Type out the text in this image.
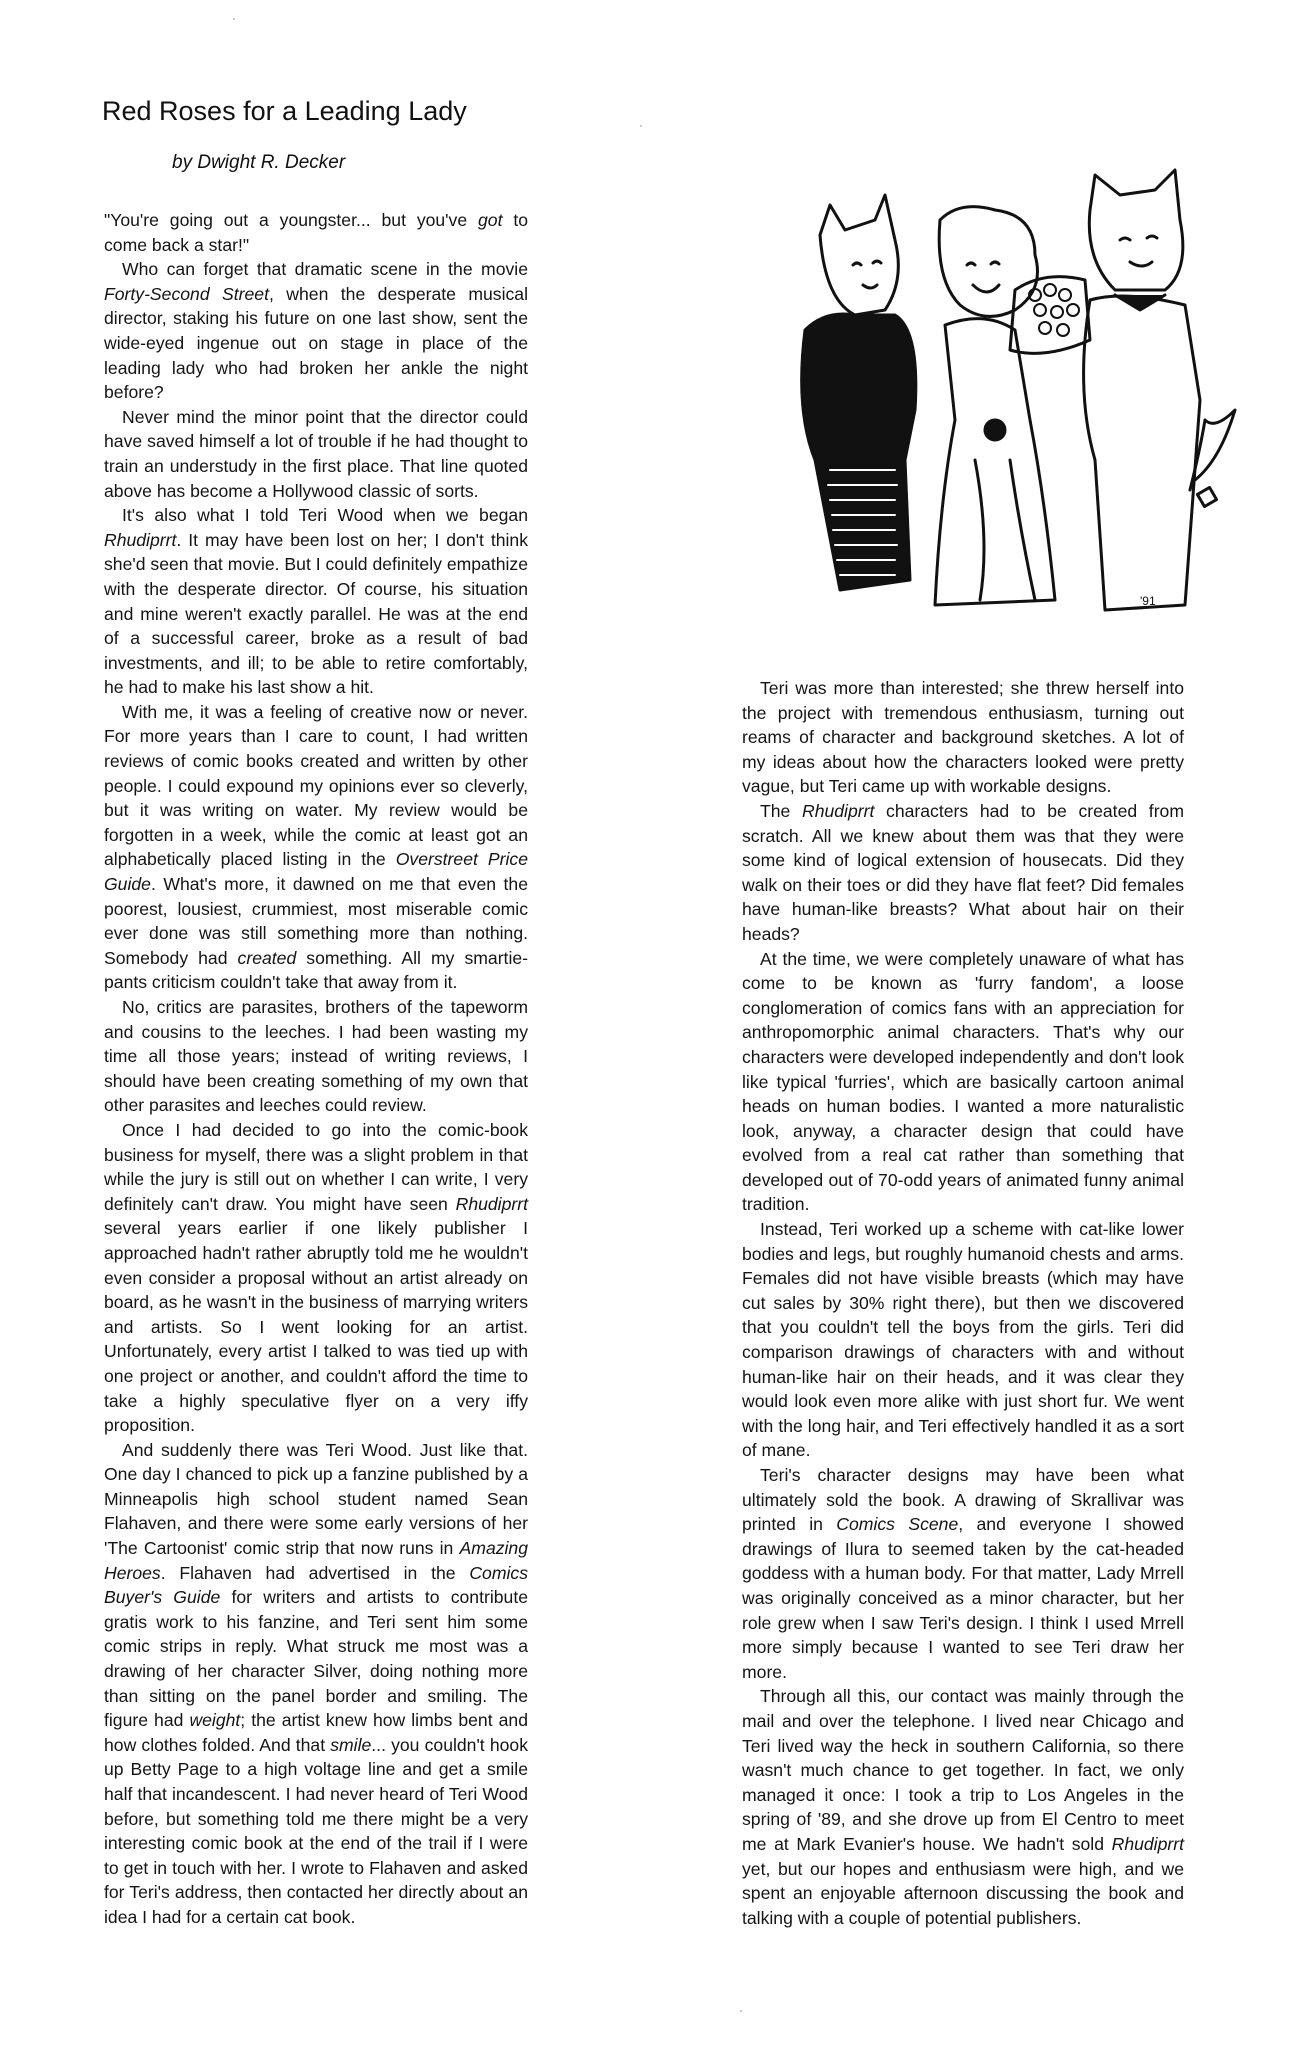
Red Roses for a Leading Lady
by Dwight R. Decker

"You're going out a youngster... but you've got to come back a star!"

Who can forget that dramatic scene in the movie Forty-Second Street, when the desperate musical director, staking his future on one last show, sent the wide-eyed ingenue out on stage in place of the leading lady who had broken her ankle the night before?

Never mind the minor point that the director could have saved himself a lot of trouble if he had thought to train an understudy in the first place. That line quoted above has become a Hollywood classic of sorts.

It's also what I told Teri Wood when we began Rhudiprrt. It may have been lost on her; I don't think she'd seen that movie. But I could definitely empathize with the desperate director. Of course, his situation and mine weren't exactly parallel. He was at the end of a successful career, broke as a result of bad investments, and ill; to be able to retire comfortably, he had to make his last show a hit.

With me, it was a feeling of creative now or never. For more years than I care to count, I had written reviews of comic books created and written by other people. I could expound my opinions ever so cleverly, but it was writing on water. My review would be forgotten in a week, while the comic at least got an alphabetically placed listing in the Overstreet Price Guide. What's more, it dawned on me that even the poorest, lousiest, crummiest, most miserable comic ever done was still something more than nothing. Somebody had created something. All my smartie-pants criticism couldn't take that away from it.

No, critics are parasites, brothers of the tapeworm and cousins to the leeches. I had been wasting my time all those years; instead of writing reviews, I should have been creating something of my own that other parasites and leeches could review.

Once I had decided to go into the comic-book business for myself, there was a slight problem in that while the jury is still out on whether I can write, I very definitely can't draw. You might have seen Rhudiprrt several years earlier if one likely publisher I approached hadn't rather abruptly told me he wouldn't even consider a proposal without an artist already on board, as he wasn't in the business of marrying writers and artists. So I went looking for an artist. Unfortunately, every artist I talked to was tied up with one project or another, and couldn't afford the time to take a highly speculative flyer on a very iffy proposition.

And suddenly there was Teri Wood. Just like that. One day I chanced to pick up a fanzine published by a Minneapolis high school student named Sean Flahaven, and there were some early versions of her 'The Cartoonist' comic strip that now runs in Amazing Heroes. Flahaven had advertised in the Comics Buyer's Guide for writers and artists to contribute gratis work to his fanzine, and Teri sent him some comic strips in reply. What struck me most was a drawing of her character Silver, doing nothing more than sitting on the panel border and smiling. The figure had weight; the artist knew how limbs bent and how clothes folded. And that smile... you couldn't hook up Betty Page to a high voltage line and get a smile half that incandescent. I had never heard of Teri Wood before, but something told me there might be a very interesting comic book at the end of the trail if I were to get in touch with her. I wrote to Flahaven and asked for Teri's address, then contacted her directly about an idea I had for a certain cat book.

'91

Teri was more than interested; she threw herself into the project with tremendous enthusiasm, turning out reams of character and background sketches. A lot of my ideas about how the characters looked were pretty vague, but Teri came up with workable designs.

The Rhudiprrt characters had to be created from scratch. All we knew about them was that they were some kind of logical extension of housecats. Did they walk on their toes or did they have flat feet? Did females have human-like breasts? What about hair on their heads?

At the time, we were completely unaware of what has come to be known as 'furry fandom', a loose conglomeration of comics fans with an appreciation for anthropomorphic animal characters. That's why our characters were developed independently and don't look like typical 'furries', which are basically cartoon animal heads on human bodies. I wanted a more naturalistic look, anyway, a character design that could have evolved from a real cat rather than something that developed out of 70-odd years of animated funny animal tradition.

Instead, Teri worked up a scheme with cat-like lower bodies and legs, but roughly humanoid chests and arms. Females did not have visible breasts (which may have cut sales by 30% right there), but then we discovered that you couldn't tell the boys from the girls. Teri did comparison drawings of characters with and without human-like hair on their heads, and it was clear they would look even more alike with just short fur. We went with the long hair, and Teri effectively handled it as a sort of mane.

Teri's character designs may have been what ultimately sold the book. A drawing of Skrallivar was printed in Comics Scene, and everyone I showed drawings of Ilura to seemed taken by the cat-headed goddess with a human body. For that matter, Lady Mrrell was originally conceived as a minor character, but her role grew when I saw Teri's design. I think I used Mrrell more simply because I wanted to see Teri draw her more.

Through all this, our contact was mainly through the mail and over the telephone. I lived near Chicago and Teri lived way the heck in southern California, so there wasn't much chance to get together. In fact, we only managed it once: I took a trip to Los Angeles in the spring of '89, and she drove up from El Centro to meet me at Mark Evanier's house. We hadn't sold Rhudiprrt yet, but our hopes and enthusiasm were high, and we spent an enjoyable afternoon discussing the book and talking with a couple of potential publishers.
